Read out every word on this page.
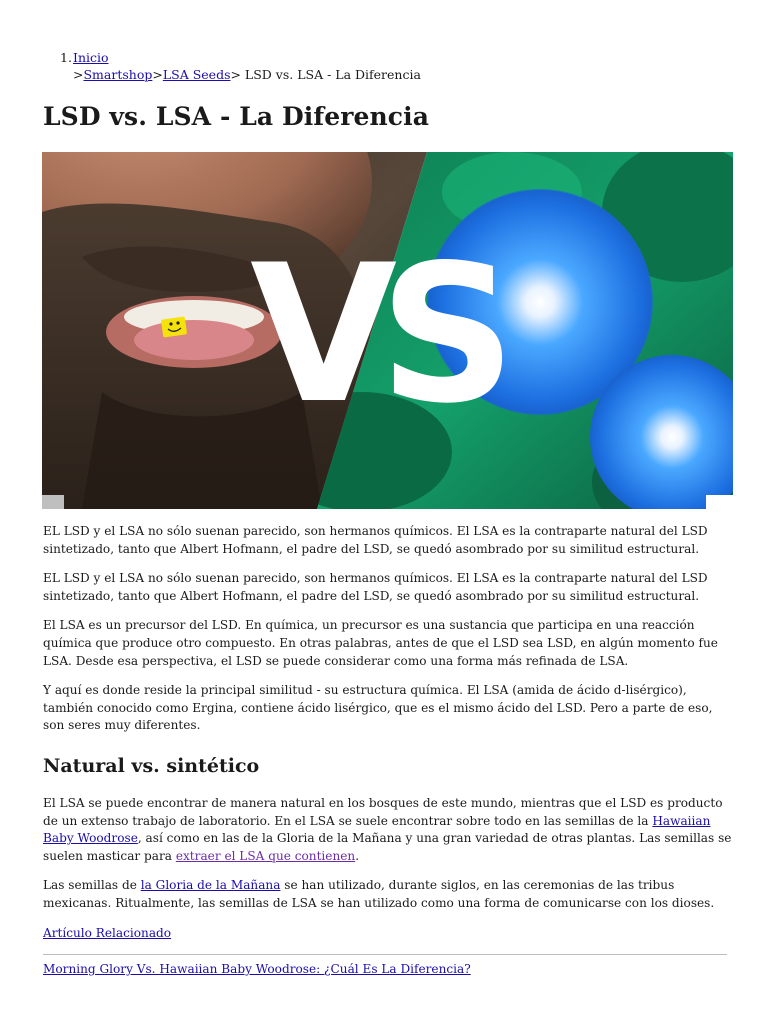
1. Inicio
>Smartshop>LSA Seeds> LSD vs. LSA - La Diferencia
LSD vs. LSA - La Diferencia
VS

EL LSD y el LSA no sólo suenan parecido, son hermanos químicos. El LSA es la contraparte natural del LSD sintetizado, tanto que Albert Hofmann, el padre del LSD, se quedó asombrado por su similitud estructural.

EL LSD y el LSA no sólo suenan parecido, son hermanos químicos. El LSA es la contraparte natural del LSD sintetizado, tanto que Albert Hofmann, el padre del LSD, se quedó asombrado por su similitud estructural.

El LSA es un precursor del LSD. En química, un precursor es una sustancia que participa en una reacción química que produce otro compuesto. En otras palabras, antes de que el LSD sea LSD, en algún momento fue LSA. Desde esa perspectiva, el LSD se puede considerar como una forma más refinada de LSA.

Y aquí es donde reside la principal similitud - su estructura química. El LSA (amida de ácido d-lisérgico), también conocido como Ergina, contiene ácido lisérgico, que es el mismo ácido del LSD. Pero a parte de eso, son seres muy diferentes.

Natural vs. sintético

El LSA se puede encontrar de manera natural en los bosques de este mundo, mientras que el LSD es producto de un extenso trabajo de laboratorio. En el LSA se suele encontrar sobre todo en las semillas de la Hawaiian Baby Woodrose, así como en las de la Gloria de la Mañana y una gran variedad de otras plantas. Las semillas se suelen masticar para extraer el LSA que contienen.

Las semillas de la Gloria de la Mañana se han utilizado, durante siglos, en las ceremonias de las tribus mexicanas. Ritualmente, las semillas de LSA se han utilizado como una forma de comunicarse con los dioses.

Artículo Relacionado

Morning Glory Vs. Hawaiian Baby Woodrose: ¿Cuál Es La Diferencia?
